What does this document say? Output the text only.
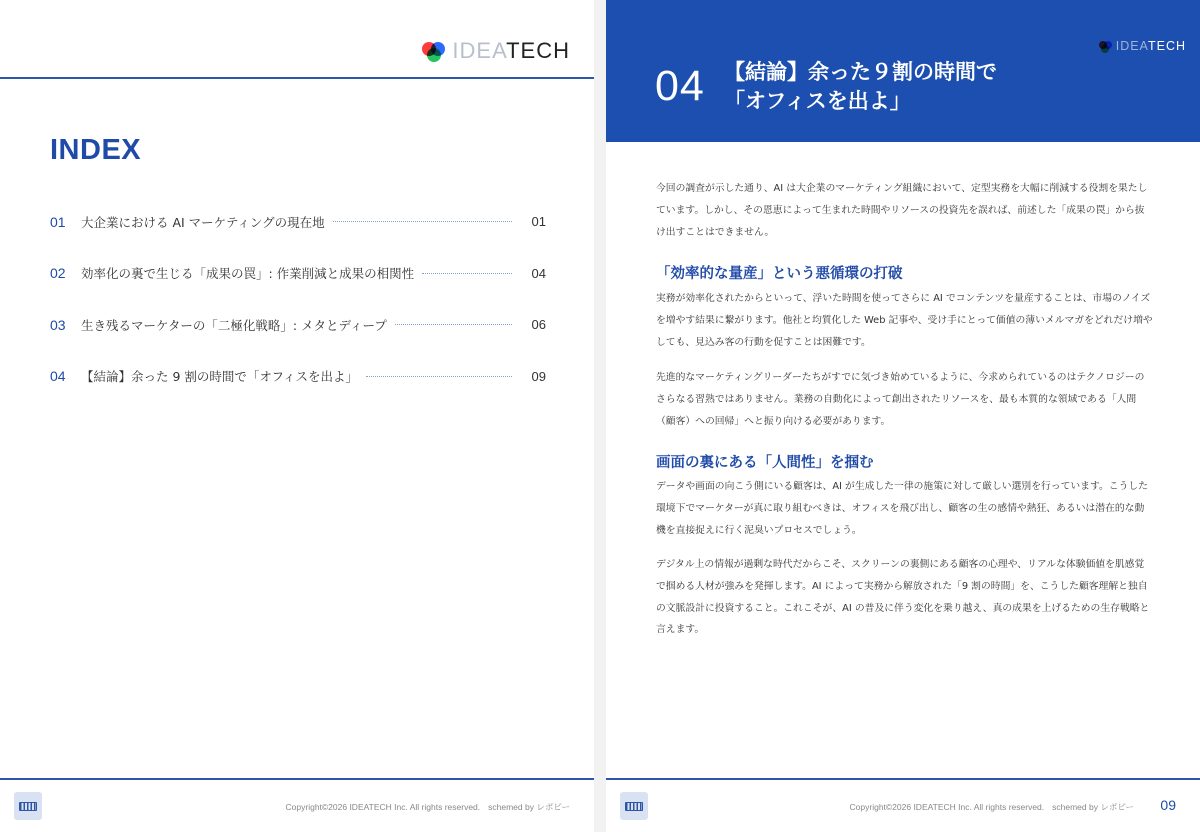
IDEATECH
INDEX
01	大企業における AI マーケティングの現在地	01
02	効率化の裏で生じる「成果の罠」: 作業削減と成果の相関性	04
03	生き残るマーケターの「二極化戦略」: メタとディープ	06
04	【結論】余った 9 割の時間で「オフィスを出よ」	09
Copyright©2026 IDEATECH Inc. All rights reserved. schemed by レポピー
IDEATECH
04 【結論】余った９割の時間で
「オフィスを出よ」

今回の調査が示した通り、AI は大企業のマーケティング組織において、定型実務を大幅に削減する役割を果たしています。しかし、その恩恵によって生まれた時間やリソースの投資先を誤れば、前述した「成果の罠」から抜け出すことはできません。

「効率的な量産」という悪循環の打破

実務が効率化されたからといって、浮いた時間を使ってさらに AI でコンテンツを量産することは、市場のノイズを増やす結果に繋がります。他社と均質化した Web 記事や、受け手にとって価値の薄いメルマガをどれだけ増やしても、見込み客の行動を促すことは困難です。

先進的なマーケティングリーダーたちがすでに気づき始めているように、今求められているのはテクノロジーのさらなる習熟ではありません。業務の自動化によって創出されたリソースを、最も本質的な領域である「人間（顧客）への回帰」へと振り向ける必要があります。

画面の裏にある「人間性」を掴む

データや画面の向こう側にいる顧客は、AI が生成した一律の施策に対して厳しい選別を行っています。こうした環境下でマーケターが真に取り組むべきは、オフィスを飛び出し、顧客の生の感情や熱狂、あるいは潜在的な動機を直接捉えに行く泥臭いプロセスでしょう。

デジタル上の情報が過剰な時代だからこそ、スクリーンの裏側にある顧客の心理や、リアルな体験価値を肌感覚で掴める人材が強みを発揮します。AI によって実務から解放された「9 割の時間」を、こうした顧客理解と独自の文脈設計に投資すること。これこそが、AI の普及に伴う変化を乗り越え、真の成果を上げるための生存戦略と言えます。

Copyright©2026 IDEATECH Inc. All rights reserved. schemed by レポピー 09
